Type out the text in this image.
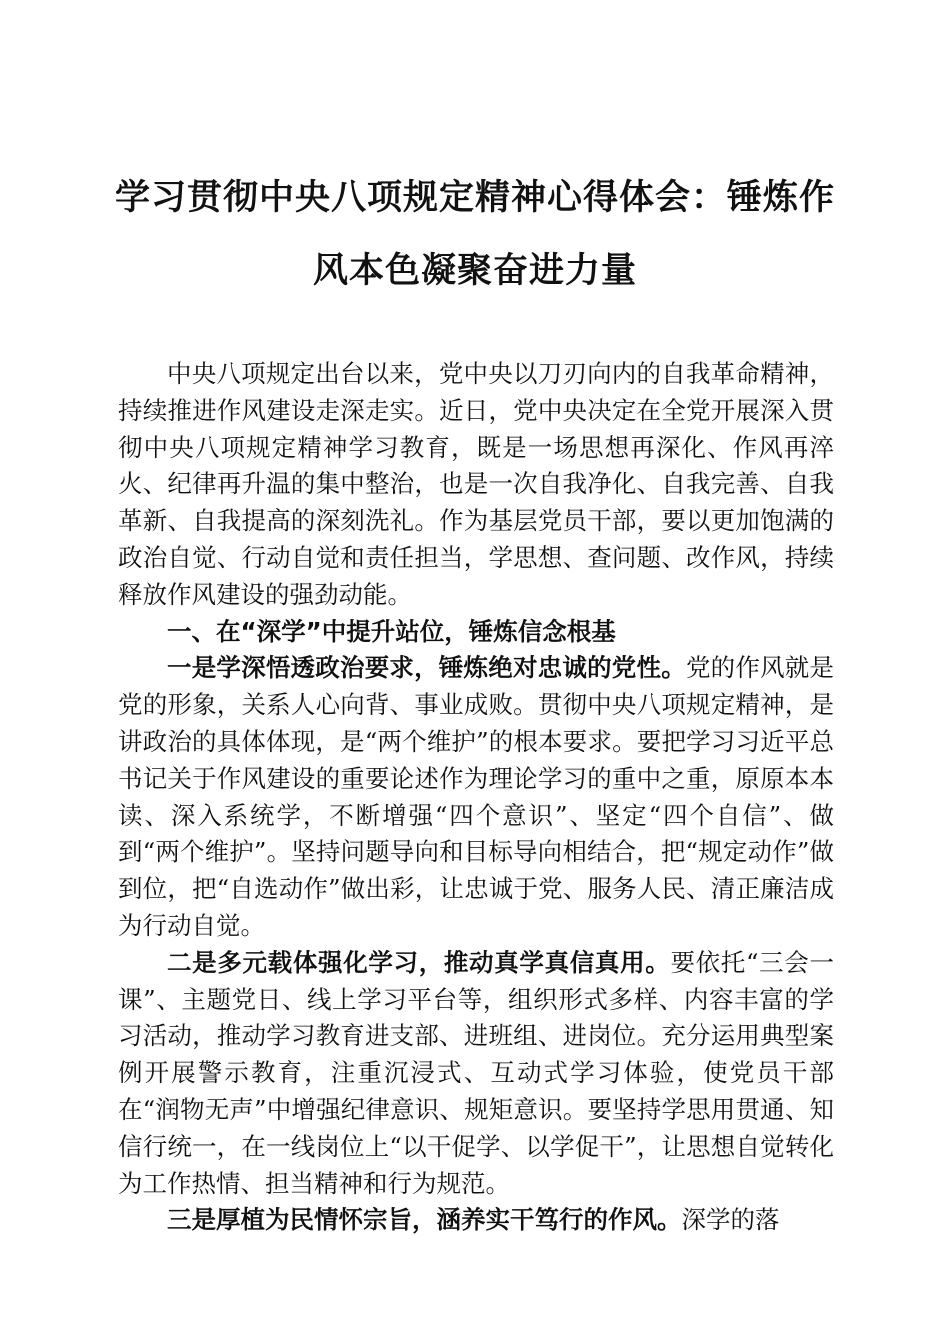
学习贯彻中央八项规定精神心得体会：锤炼作风本色凝聚奋进力量

中央八项规定出台以来，党中央以刀刃向内的自我革命精神，持续推进作风建设走深走实。近日，党中央决定在全党开展深入贯彻中央八项规定精神学习教育，既是一场思想再深化、作风再淬火、纪律再升温的集中整治，也是一次自我净化、自我完善、自我革新、自我提高的深刻洗礼。作为基层党员干部，要以更加饱满的政治自觉、行动自觉和责任担当，学思想、查问题、改作风，持续释放作风建设的强劲动能。

一、在“深学”中提升站位，锤炼信念根基

一是学深悟透政治要求，锤炼绝对忠诚的党性。党的作风就是党的形象，关系人心向背、事业成败。贯彻中央八项规定精神，是讲政治的具体体现，是“两个维护”的根本要求。要把学习习近平总书记关于作风建设的重要论述作为理论学习的重中之重，原原本本读、深入系统学，不断增强“四个意识”、坚定“四个自信”、做到“两个维护”。坚持问题导向和目标导向相结合，把“规定动作”做到位，把“自选动作”做出彩，让忠诚于党、服务人民、清正廉洁成为行动自觉。

二是多元载体强化学习，推动真学真信真用。要依托“三会一课”、主题党日、线上学习平台等，组织形式多样、内容丰富的学习活动，推动学习教育进支部、进班组、进岗位。充分运用典型案例开展警示教育，注重沉浸式、互动式学习体验，使党员干部在“润物无声”中增强纪律意识、规矩意识。要坚持学思用贯通、知信行统一，在一线岗位上“以干促学、以学促干”，让思想自觉转化为工作热情、担当精神和行为规范。

三是厚植为民情怀宗旨，涵养实干笃行的作风。深学的落
